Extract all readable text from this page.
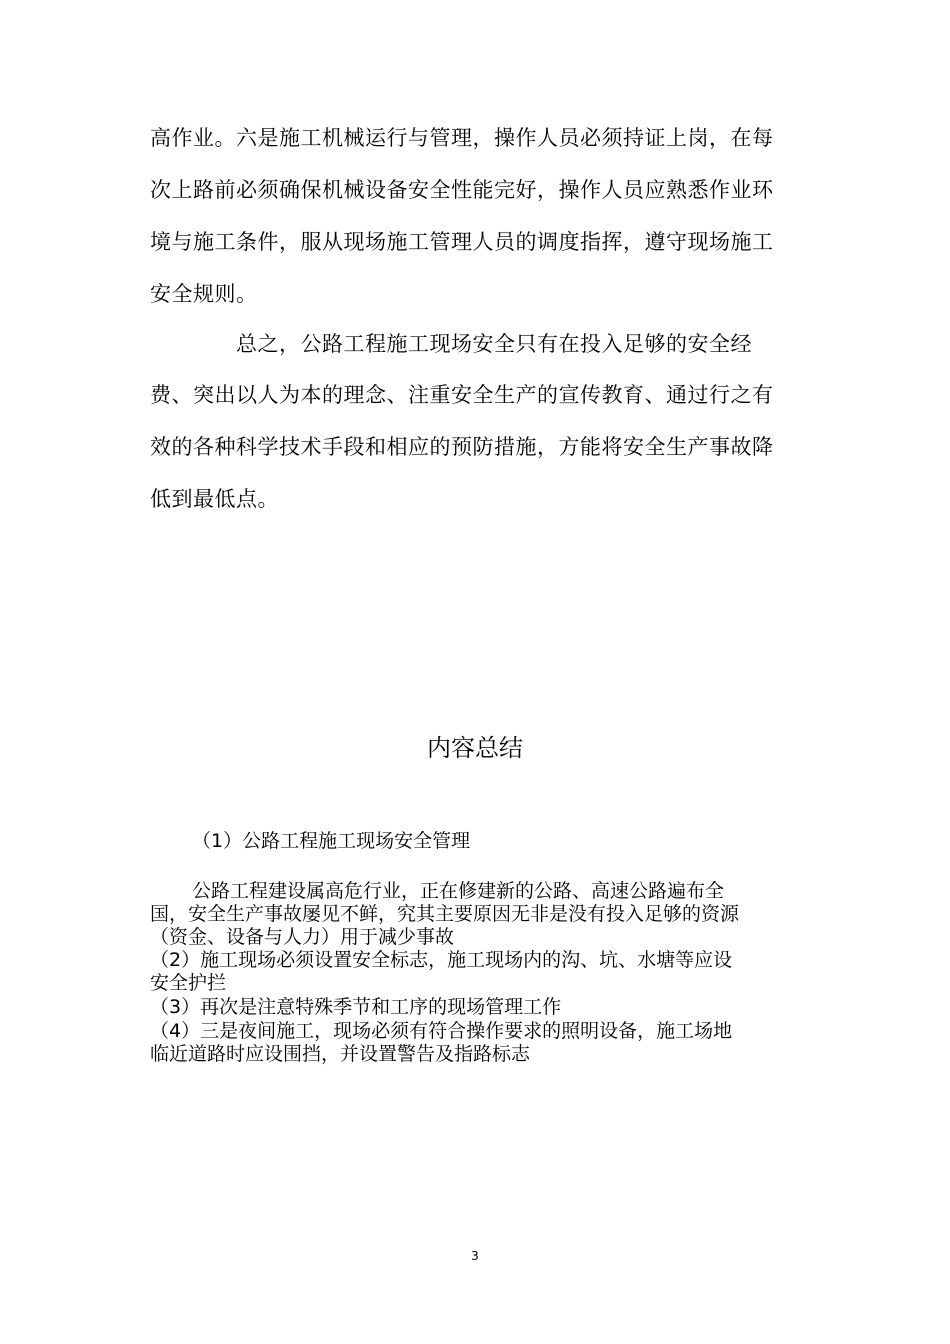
高作业。六是施工机械运行与管理，操作人员必须持证上岗，在每
次上路前必须确保机械设备安全性能完好，操作人员应熟悉作业环
境与施工条件，服从现场施工管理人员的调度指挥，遵守现场施工
安全规则。
总之，公路工程施工现场安全只有在投入足够的安全经
费、突出以人为本的理念、注重安全生产的宣传教育、通过行之有
效的各种科学技术手段和相应的预防措施，方能将安全生产事故降
低到最低点。
内容总结
（1）公路工程施工现场安全管理
公路工程建设属高危行业，正在修建新的公路、高速公路遍布全
国，安全生产事故屡见不鲜，究其主要原因无非是没有投入足够的资源
（资金、设备与人力）用于减少事故
（2）施工现场必须设置安全标志，施工现场内的沟、坑、水塘等应设
安全护拦
（3）再次是注意特殊季节和工序的现场管理工作
（4）三是夜间施工，现场必须有符合操作要求的照明设备，施工场地
临近道路时应设围挡，并设置警告及指路标志
3
